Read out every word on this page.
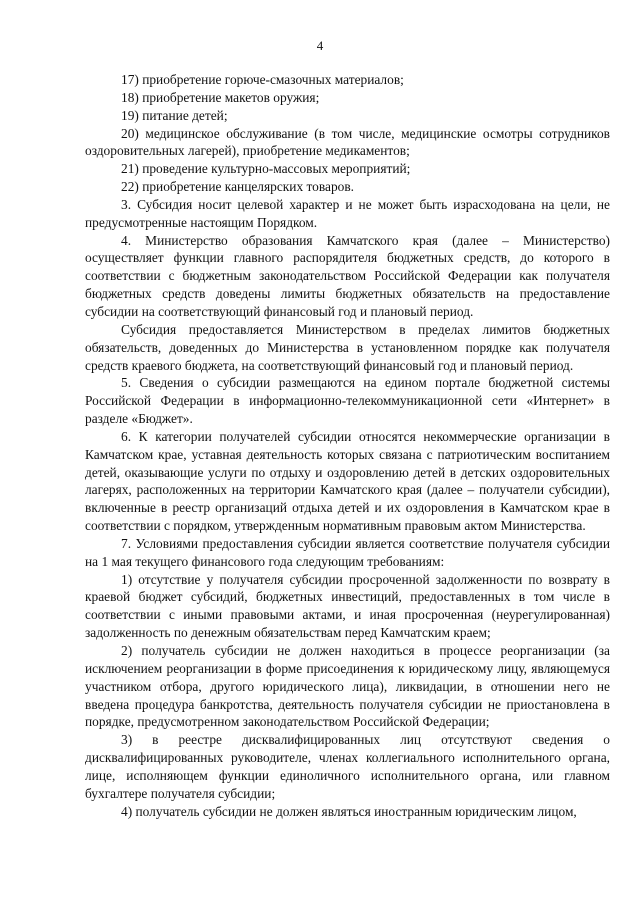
4

17) приобретение горюче-смазочных материалов;

18) приобретение макетов оружия;

19) питание детей;

20) медицинское обслуживание (в том числе, медицинские осмотры сотрудников оздоровительных лагерей), приобретение медикаментов;

21) проведение культурно-массовых мероприятий;

22) приобретение канцелярских товаров.

3. Субсидия носит целевой характер и не может быть израсходована на цели, не предусмотренные настоящим Порядком.

4. Министерство образования Камчатского края (далее – Министерство) осуществляет функции главного распорядителя бюджетных средств, до которого в соответствии с бюджетным законодательством Российской Федерации как получателя бюджетных средств доведены лимиты бюджетных обязательств на предоставление субсидии на соответствующий финансовый год и плановый период.

Субсидия предоставляется Министерством в пределах лимитов бюджетных обязательств, доведенных до Министерства в установленном порядке как получателя средств краевого бюджета, на соответствующий финансовый год и плановый период.

5. Сведения о субсидии размещаются на едином портале бюджетной системы Российской Федерации в информационно-телекоммуникационной сети «Интернет» в разделе «Бюджет».

6. К категории получателей субсидии относятся некоммерческие организации в Камчатском крае, уставная деятельность которых связана с патриотическим воспитанием детей, оказывающие услуги по отдыху и оздоровлению детей в детских оздоровительных лагерях, расположенных на территории Камчатского края (далее – получатели субсидии), включенные в реестр организаций отдыха детей и их оздоровления в Камчатском крае в соответствии с порядком, утвержденным нормативным правовым актом Министерства.

7. Условиями предоставления субсидии является соответствие получателя субсидии на 1 мая текущего финансового года следующим требованиям:

1) отсутствие у получателя субсидии просроченной задолженности по возврату в краевой бюджет субсидий, бюджетных инвестиций, предоставленных в том числе в соответствии с иными правовыми актами, и иная просроченная (неурегулированная) задолженность по денежным обязательствам перед Камчатским краем;

2) получатель субсидии не должен находиться в процессе реорганизации (за исключением реорганизации в форме присоединения к юридическому лицу, являющемуся участником отбора, другого юридического лица), ликвидации, в отношении него не введена процедура банкротства, деятельность получателя субсидии не приостановлена в порядке, предусмотренном законодательством Российской Федерации;

3) в реестре дисквалифицированных лиц отсутствуют сведения о дисквалифицированных руководителе, членах коллегиального исполнительного органа, лице, исполняющем функции единоличного исполнительного органа, или главном бухгалтере получателя субсидии;

4) получатель субсидии не должен являться иностранным юридическим лицом,
